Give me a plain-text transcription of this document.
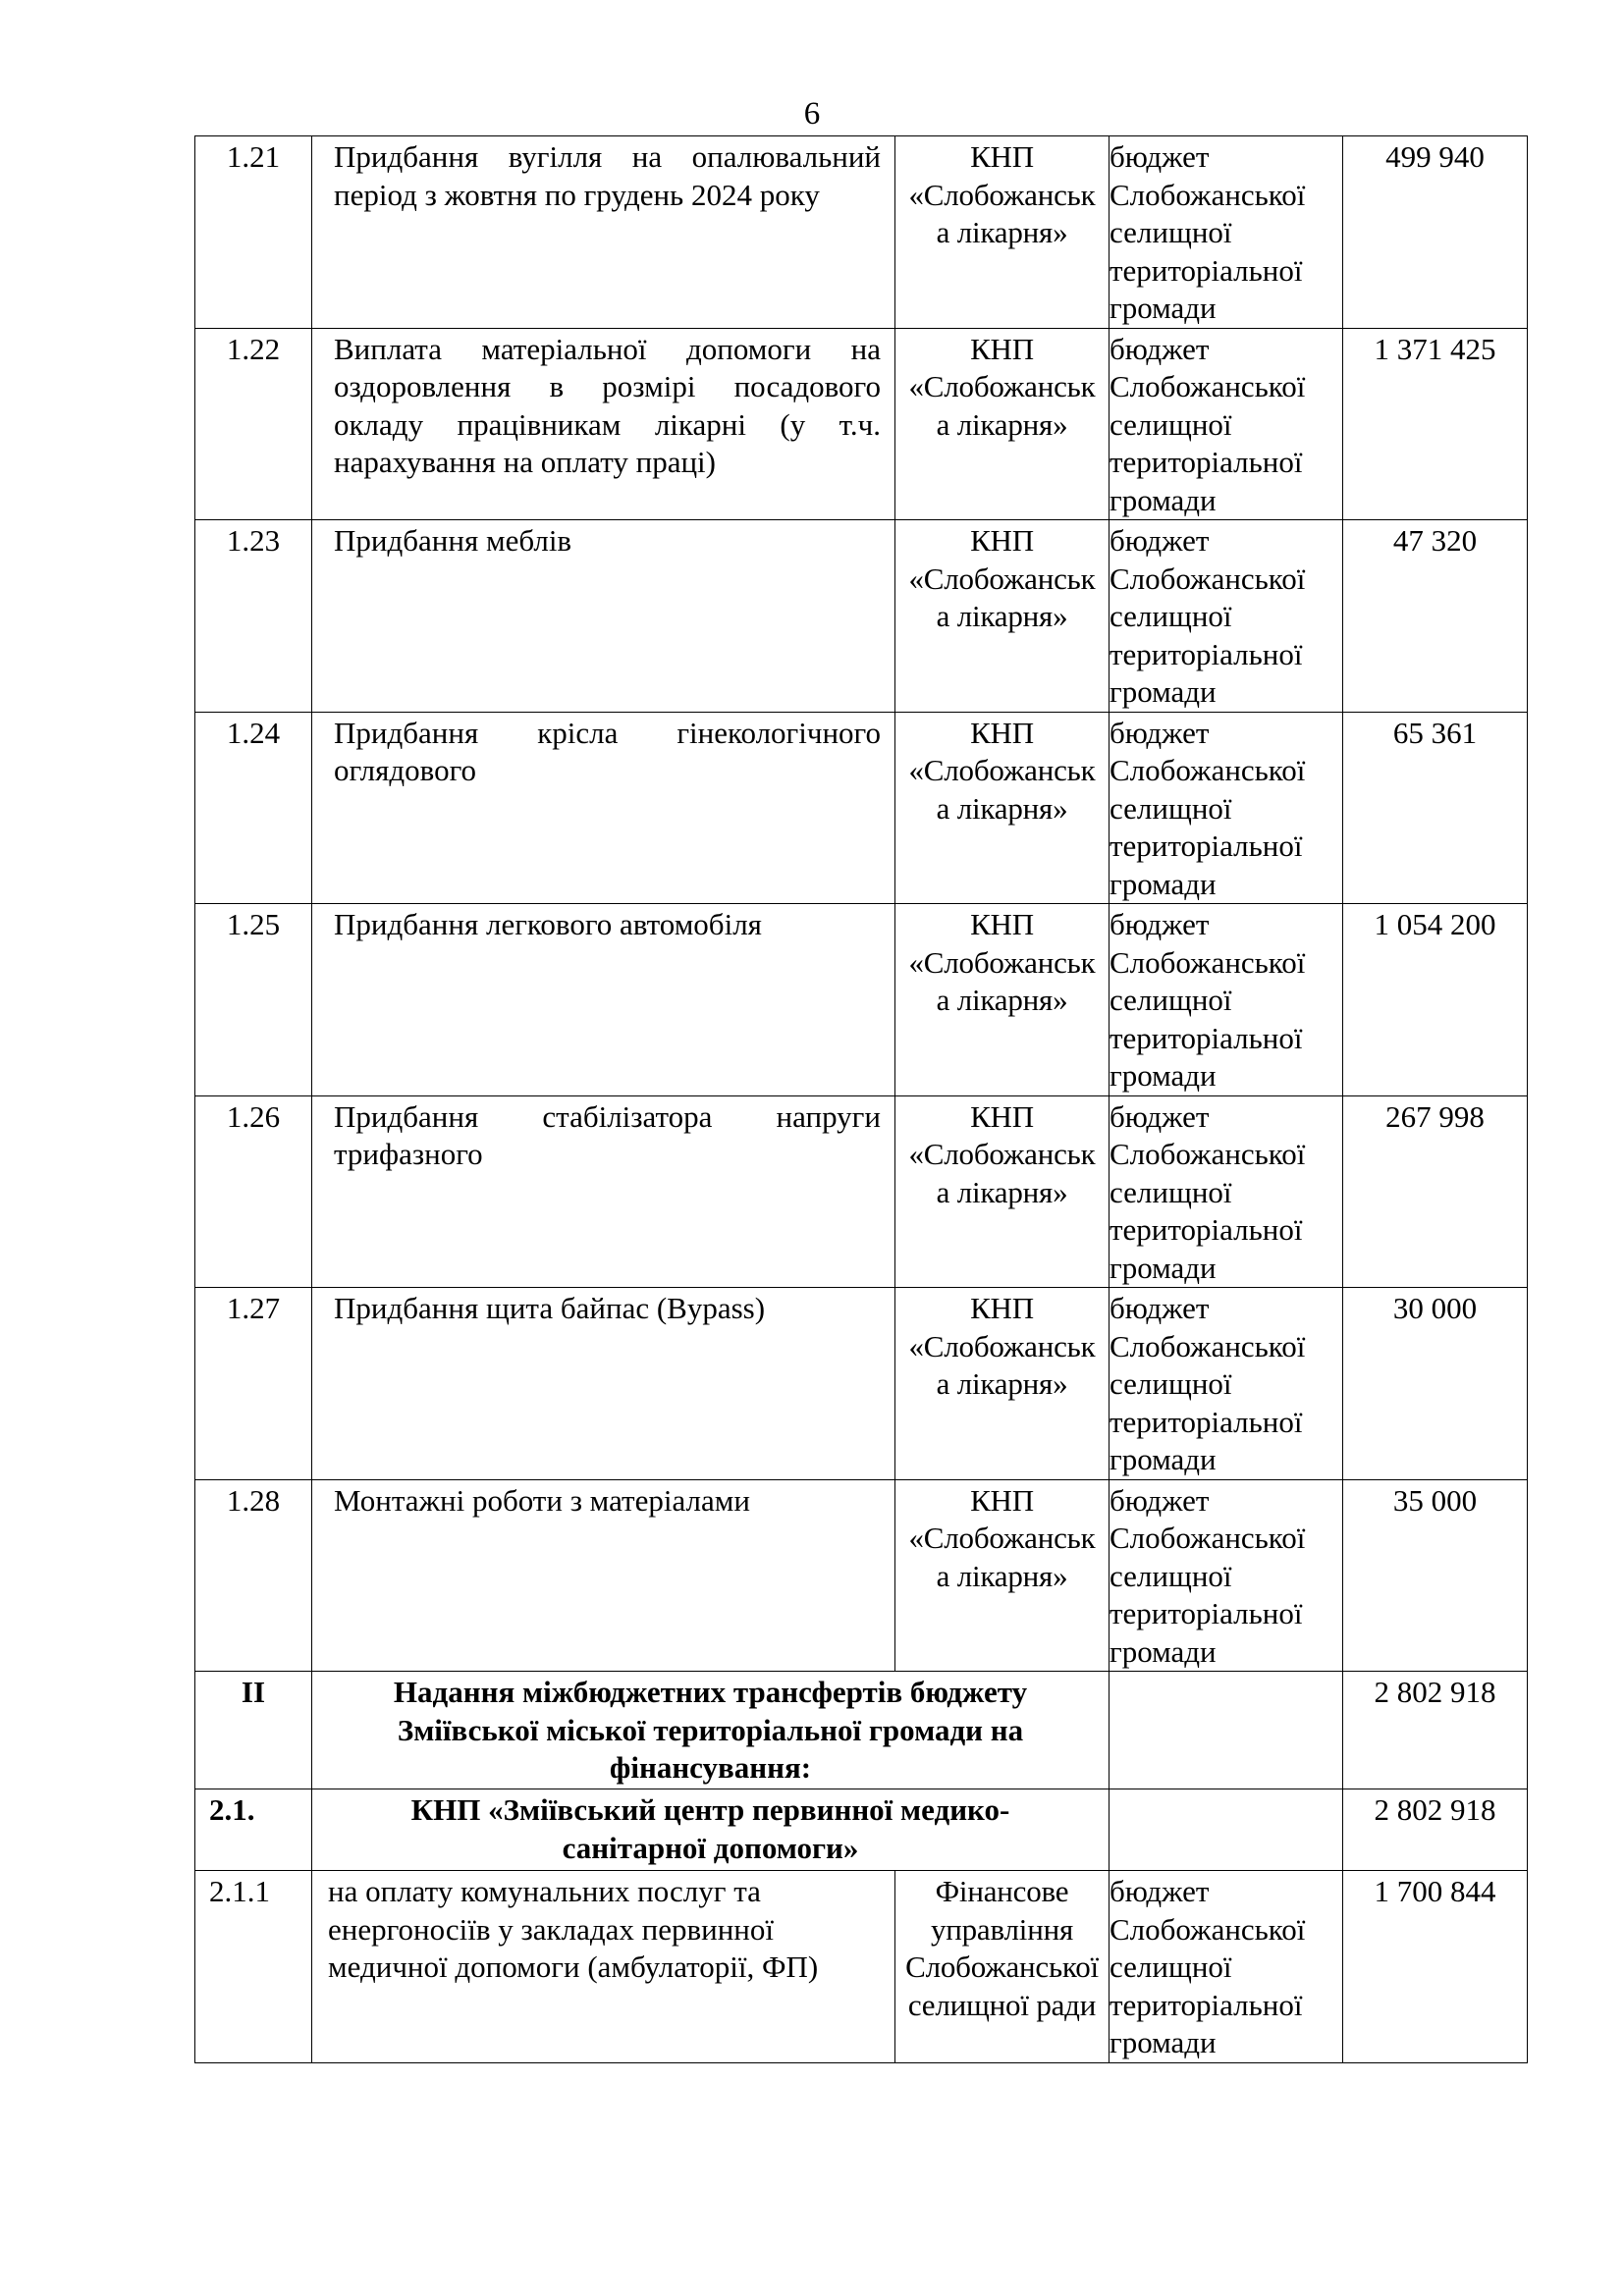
6
1.21	Придбання вугілля на опалювальний період з жовтня по грудень 2024 року	КНП
«Слобожанськ
а лікарня»	бюджет
Слобожанської
селищної
територіальної
громади	499 940
1.22	Виплата матеріальної допомоги на оздоровлення в розмірі посадового окладу працівникам лікарні (у т.ч. нарахування на оплату праці)	КНП
«Слобожанськ
а лікарня»	бюджет
Слобожанської
селищної
територіальної
громади	1 371 425
1.23	Придбання меблів	КНП
«Слобожанськ
а лікарня»	бюджет
Слобожанської
селищної
територіальної
громади	47 320
1.24	Придбання крісла гінекологічного оглядового	КНП
«Слобожанськ
а лікарня»	бюджет
Слобожанської
селищної
територіальної
громади	65 361
1.25	Придбання легкового автомобіля	КНП
«Слобожанськ
а лікарня»	бюджет
Слобожанської
селищної
територіальної
громади	1 054 200
1.26	Придбання стабілізатора напруги трифазного	КНП
«Слобожанськ
а лікарня»	бюджет
Слобожанської
селищної
територіальної
громади	267 998
1.27	Придбання щита байпас (Bypass)	КНП
«Слобожанськ
а лікарня»	бюджет
Слобожанської
селищної
територіальної
громади	30 000
1.28	Монтажні роботи з матеріалами	КНП
«Слобожанськ
а лікарня»	бюджет
Слобожанської
селищної
територіальної
громади	35 000
ІІ	Надання міжбюджетних трансфертів бюджету
Зміївської міської територіальної громади на
фінансування:			2 802 918
2.1.	КНП «Зміївський центр первинної медико-
санітарної допомоги»			2 802 918
2.1.1	на оплату комунальних послуг та
енергоносіїв у закладах первинної
медичної допомоги (амбулаторії, ФП)	Фінансове
управління
Слобожанської
селищної ради	бюджет
Слобожанської
селищної
територіальної
громади	1 700 844
